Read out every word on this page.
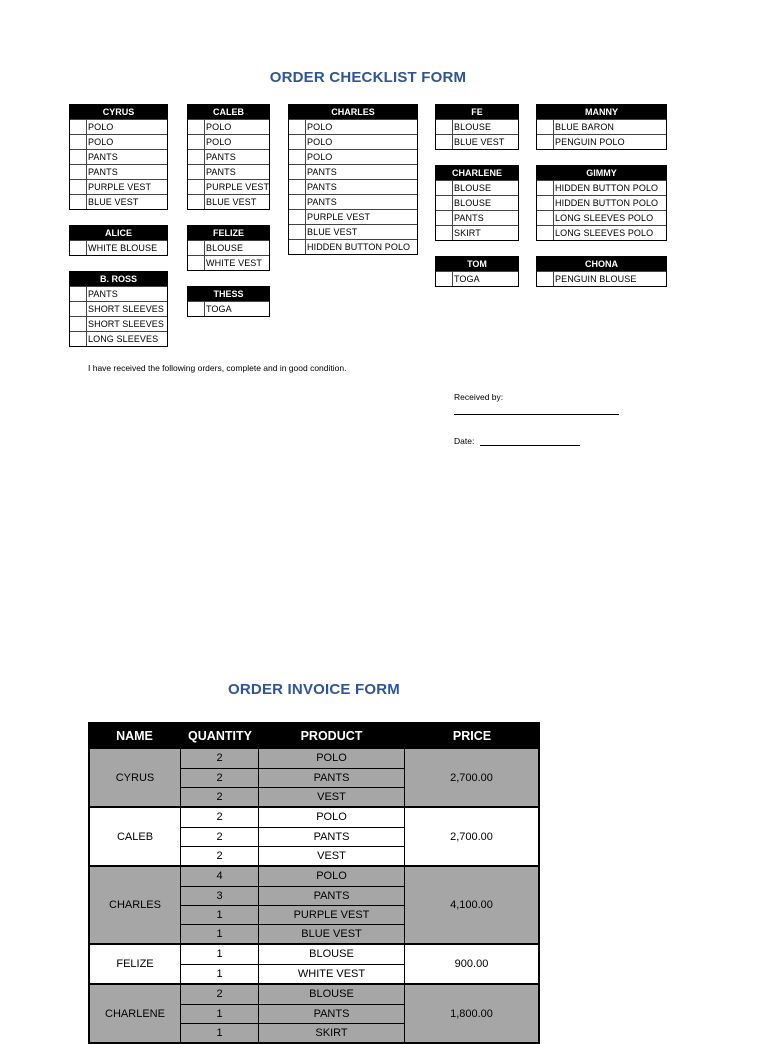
ORDER CHECKLIST FORM
CYRUS
POLO
POLO
PANTS
PANTS
PURPLE VEST
BLUE VEST
CALEB
POLO
POLO
PANTS
PANTS
PURPLE VEST
BLUE VEST
CHARLES
POLO
POLO
POLO
PANTS
PANTS
PANTS
PURPLE VEST
BLUE VEST
HIDDEN BUTTON POLO
FE
BLOUSE
BLUE VEST
MANNY
BLUE BARON
PENGUIN POLO
CHARLENE
BLOUSE
BLOUSE
PANTS
SKIRT
GIMMY
HIDDEN BUTTON POLO
HIDDEN BUTTON POLO
LONG SLEEVES POLO
LONG SLEEVES POLO
ALICE
WHITE BLOUSE
FELIZE
BLOUSE
WHITE VEST	TOM
TOGA
CHONA
PENGUIN BLOUSE
B. ROSS
PANTS
SHORT SLEEVES
SHORT SLEEVES
LONG SLEEVES
THESS
TOGA
I have received the following orders, complete and in good condition.
Received by:
Date:
ORDER INVOICE FORM
NAME	QUANTITY	PRODUCT	PRICE
CYRUS
2	POLO
2	PANTS
2	VEST
2,700.00
CALEB
2	POLO
2	PANTS
2	VEST
2,700.00
CHARLES
4	POLO
3	PANTS
1	PURPLE VEST
1	BLUE VEST
4,100.00
FELIZE
1	BLOUSE
1	WHITE VEST
900.00
CHARLENE
2	BLOUSE
1	PANTS
1	SKIRT
1,800.00
